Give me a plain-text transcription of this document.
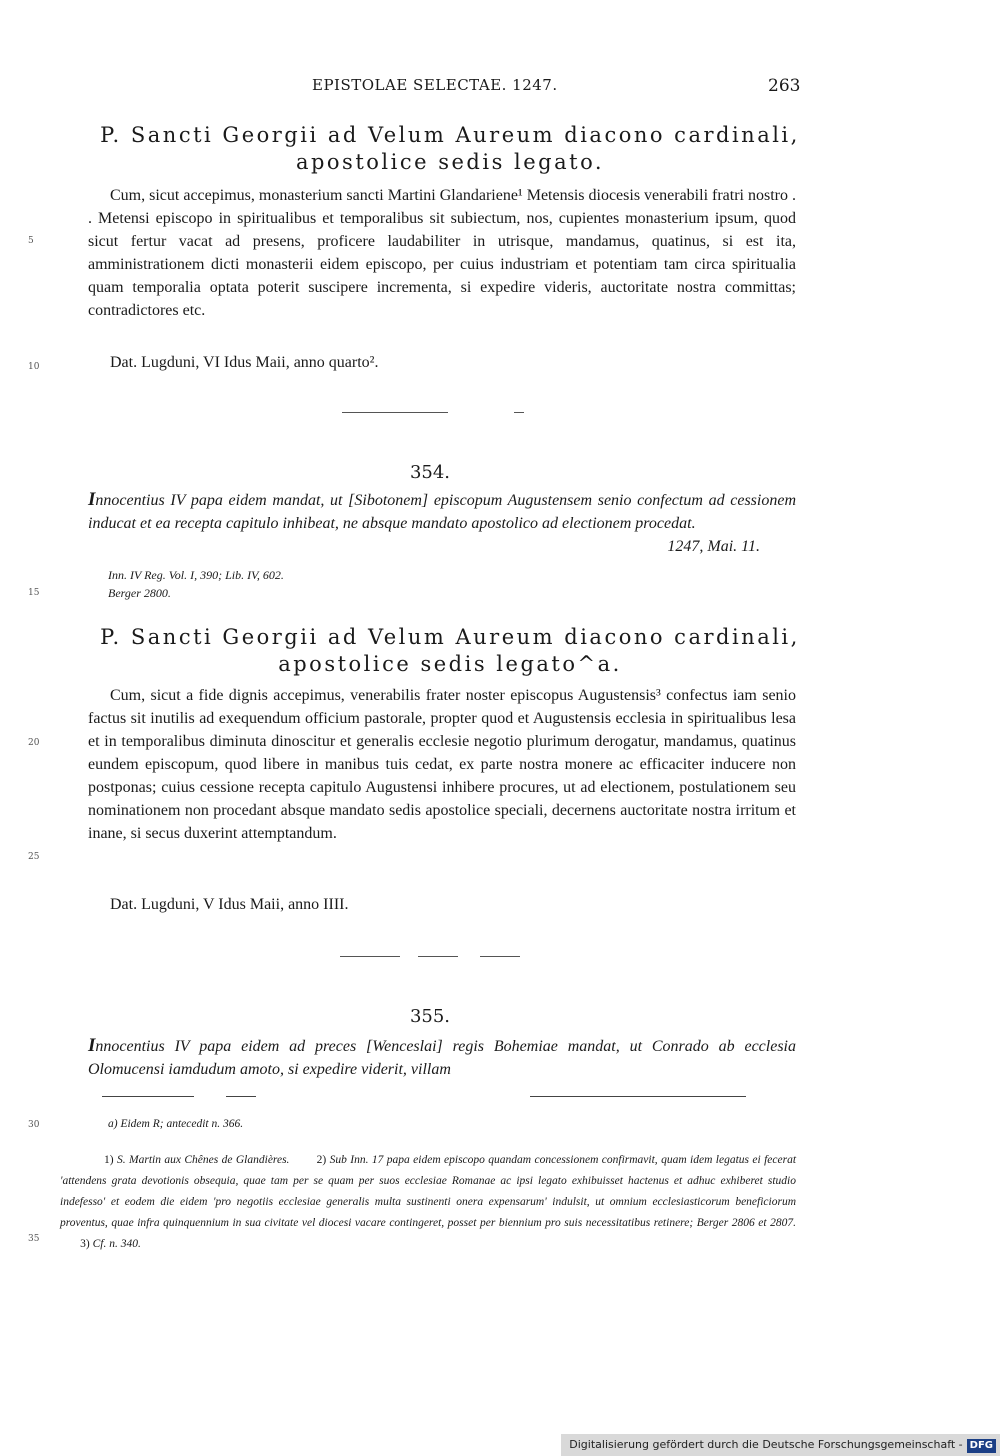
EPISTOLAE SELECTAE. 1247.	263
P. Sancti Georgii ad Velum Aureum diacono cardinali,
apostolice sedis legato.

Cum, sicut accepimus, monasterium sancti Martini Glandariene¹ Metensis diocesis venerabili fratri nostro . . Metensi episcopo in spiritualibus et temporalibus sit subiectum, nos, cupientes monasterium ipsum, quod sicut fertur vacat ad presens, proficere laudabiliter in utrisque, mandamus, quatinus, si est ita, amministrationem dicti monasterii eidem episcopo, per cuius industriam et potentiam tam circa spiritualia quam temporalia optata poterit suscipere incrementa, si expedire videris, auctoritate nostra committas; contradictores etc.

Dat. Lugduni, VI Idus Maii, anno quarto².
5
10
354.
Innocentius IV papa eidem mandat, ut [Sibotonem] episcopum Augustensem senio confectum ad cessionem inducat et ea recepta capitulo inhibeat, ne absque mandato apostolico ad electionem procedat.
1247, Mai. 11.
Inn. IV Reg. Vol. I, 390; Lib. IV, 602.
Berger 2800.
15
P. Sancti Georgii ad Velum Aureum diacono cardinali,
apostolice sedis legato^a.

Cum, sicut a fide dignis accepimus, venerabilis frater noster episcopus Augustensis³ confectus iam senio factus sit inutilis ad exequendum officium pastorale, propter quod et Augustensis ecclesia in spiritualibus lesa et in temporalibus diminuta dinoscitur et generalis ecclesie negotio plurimum derogatur, mandamus, quatinus eundem episcopum, quod libere in manibus tuis cedat, ex parte nostra monere ac efficaciter inducere non postponas; cuius cessione recepta capitulo Augustensi inhibere procures, ut ad electionem, postulationem seu nominationem non procedant absque mandato sedis apostolice speciali, decernens auctoritate nostra irritum et inane, si secus duxerint attemptandum.

Dat. Lugduni, V Idus Maii, anno IIII.
20
25
355.
Innocentius IV papa eidem ad preces [Wenceslai] regis Bohemiae mandat, ut Conrado ab ecclesia Olomucensi iamdudum amoto, si expedire viderit, villam
a) Eidem R; antecedit n. 366.
30
1) S. Martin aux Chênes de Glandières. 2) Sub Inn. 17 papa eidem episcopo quandam concessionem confirmavit, quam idem legatus ei fecerat 'attendens grata devotionis obsequia, quae tam per se quam per suos ecclesiae Romanae ac ipsi legato exhibuisset hactenus et adhuc exhiberet studio indefesso' et eodem die eidem 'pro negotiis ecclesiae generalis multa sustinenti onera expensarum' indulsit, ut omnium ecclesiasticorum beneficiorum proventus, quae infra quinquennium in sua civitate vel diocesi vacare contingeret, posset per biennium pro suis necessitatibus retinere; Berger 2806 et 2807.        3) Cf. n. 340.
35
Digitalisierung gefördert durch die Deutsche Forschungsgemeinschaft - DFG
